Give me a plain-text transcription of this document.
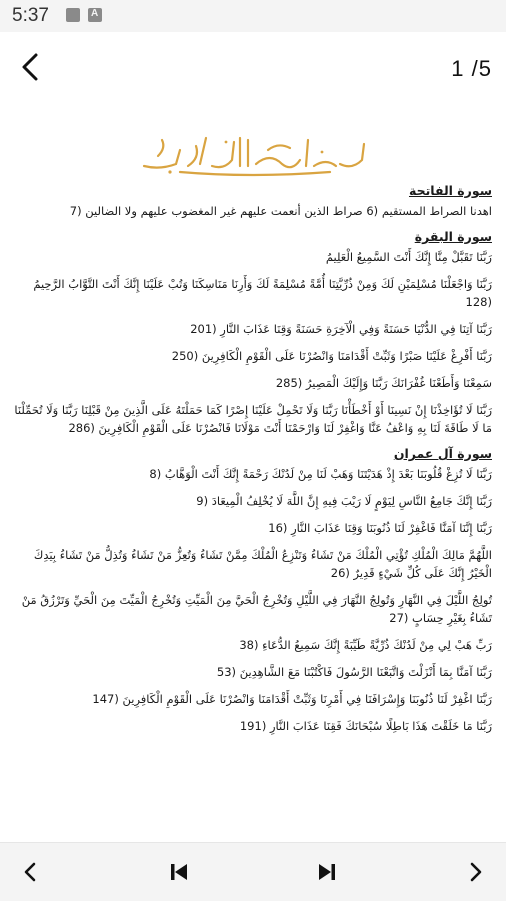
5:37
A
1 /5
سورة الفاتحة
اهدنا الصراط المستقيم (6 صراط الذين أنعمت عليهم غير المغضوب عليهم ولا الضالين (7
سورة البقرة
رَبَّنَا تَقَبَّلْ مِنَّا إِنَّكَ أَنْتَ السَّمِيعُ الْعَلِيمُ
رَبَّنَا وَاجْعَلْنَا مُسْلِمَيْنِ لَكَ وَمِنْ ذُرِّيَّتِنَا أُمَّةً مُسْلِمَةً لَكَ وَأَرِنَا مَنَاسِكَنَا وَتُبْ عَلَيْنَا إِنَّكَ أَنْتَ التَّوَّابُ الرَّحِيمُ (128
رَبَّنَا آتِنَا فِي الدُّنْيَا حَسَنَةً وَفِي الْآخِرَةِ حَسَنَةً وَقِنَا عَذَابَ النَّارِ (201
رَبَّنَا أَفْرِغْ عَلَيْنَا صَبْرًا وَثَبِّتْ أَقْدَامَنَا وَانْصُرْنَا عَلَى الْقَوْمِ الْكَافِرِينَ (250
سَمِعْنَا وَأَطَعْنَا غُفْرَانَكَ رَبَّنَا وَإِلَيْكَ الْمَصِيرُ (285
رَبَّنَا لَا تُؤَاخِذْنَا إِنْ نَسِينَا أَوْ أَخْطَأْنَا رَبَّنَا وَلَا تَحْمِلْ عَلَيْنَا إِصْرًا كَمَا حَمَلْتَهُ عَلَى الَّذِينَ مِنْ قَبْلِنَا رَبَّنَا وَلَا تُحَمِّلْنَا مَا لَا طَاقَةَ لَنَا بِهِ وَاعْفُ عَنَّا وَاغْفِرْ لَنَا وَارْحَمْنَا أَنْتَ مَوْلَانَا فَانْصُرْنَا عَلَى الْقَوْمِ الْكَافِرِينَ (286
سورة آل عمران
رَبَّنَا لَا تُزِغْ قُلُوبَنَا بَعْدَ إِذْ هَدَيْتَنَا وَهَبْ لَنَا مِنْ لَدُنْكَ رَحْمَةً إِنَّكَ أَنْتَ الْوَهَّابُ (8
رَبَّنَا إِنَّكَ جَامِعُ النَّاسِ لِيَوْمٍ لَا رَيْبَ فِيهِ إِنَّ اللَّهَ لَا يُخْلِفُ الْمِيعَادَ (9
رَبَّنَا إِنَّنَا آمَنَّا فَاغْفِرْ لَنَا ذُنُوبَنَا وَقِنَا عَذَابَ النَّارِ (16
اللَّهُمَّ مَالِكَ الْمُلْكِ تُؤْتِي الْمُلْكَ مَنْ تَشَاءُ وَتَنْزِعُ الْمُلْكَ مِمَّنْ تَشَاءُ وَتُعِزُّ مَنْ تَشَاءُ وَتُذِلُّ مَنْ تَشَاءُ بِيَدِكَ الْخَيْرُ إِنَّكَ عَلَى كُلِّ شَيْءٍ قَدِيرٌ (26
تُولِجُ اللَّيْلَ فِي النَّهَارِ وَتُولِجُ النَّهَارَ فِي اللَّيْلِ وَتُخْرِجُ الْحَيَّ مِنَ الْمَيِّتِ وَتُخْرِجُ الْمَيِّتَ مِنَ الْحَيِّ وَتَرْزُقُ مَنْ تَشَاءُ بِغَيْرِ حِسَابٍ (27
رَبِّ هَبْ لِي مِنْ لَدُنْكَ ذُرِّيَّةً طَيِّبَةً إِنَّكَ سَمِيعُ الدُّعَاءِ (38
رَبَّنَا آمَنَّا بِمَا أَنْزَلْتَ وَاتَّبَعْنَا الرَّسُولَ فَاكْتُبْنَا مَعَ الشَّاهِدِينَ (53
رَبَّنَا اغْفِرْ لَنَا ذُنُوبَنَا وَإِسْرَافَنَا فِي أَمْرِنَا وَثَبِّتْ أَقْدَامَنَا وَانْصُرْنَا عَلَى الْقَوْمِ الْكَافِرِينَ (147
رَبَّنَا مَا خَلَقْتَ هَذَا بَاطِلًا سُبْحَانَكَ فَقِنَا عَذَابَ النَّارِ (191
